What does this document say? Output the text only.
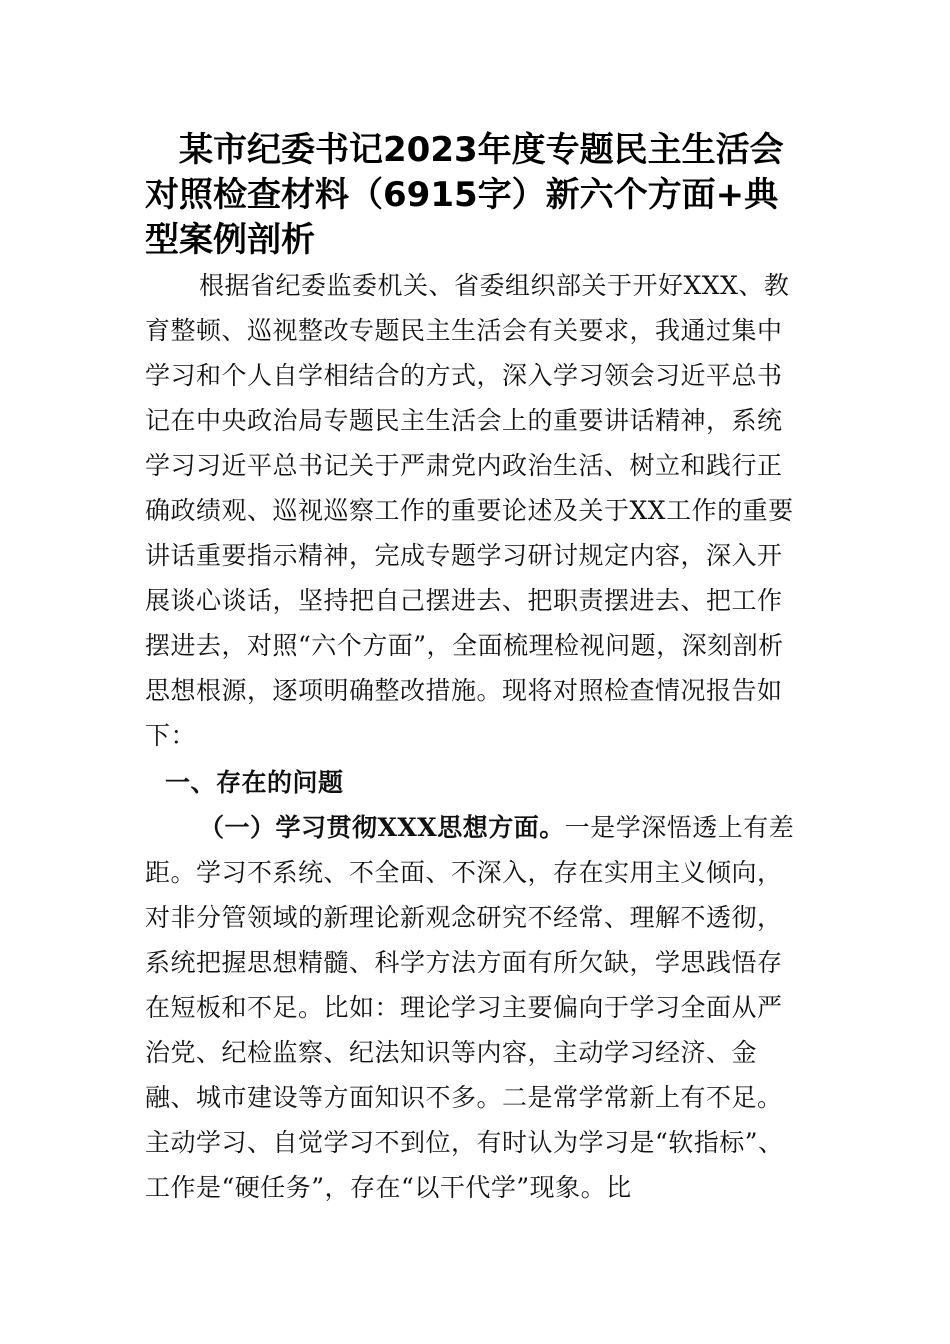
某市纪委书记2023年度专题民主生活会对照检查材料（6915字）新六个方面+典型案例剖析

根据省纪委监委机关、省委组织部关于开好XXX、教育整顿、巡视整改专题民主生活会有关要求，我通过集中学习和个人自学相结合的方式，深入学习领会习近平总书记在中央政治局专题民主生活会上的重要讲话精神，系统学习习近平总书记关于严肃党内政治生活、树立和践行正确政绩观、巡视巡察工作的重要论述及关于XX工作的重要讲话重要指示精神，完成专题学习研讨规定内容，深入开展谈心谈话，坚持把自己摆进去、把职责摆进去、把工作摆进去，对照“六个方面”，全面梳理检视问题，深刻剖析思想根源，逐项明确整改措施。现将对照检查情况报告如下：

一、存在的问题

（一）学习贯彻XXX思想方面。一是学深悟透上有差距。学习不系统、不全面、不深入，存在实用主义倾向，对非分管领域的新理论新观念研究不经常、理解不透彻，系统把握思想精髓、科学方法方面有所欠缺，学思践悟存在短板和不足。比如：理论学习主要偏向于学习全面从严治党、纪检监察、纪法知识等内容，主动学习经济、金融、城市建设等方面知识不多。二是常学常新上有不足。主动学习、自觉学习不到位，有时认为学习是“软指标”、工作是“硬任务”，存在“以干代学”现象。比
